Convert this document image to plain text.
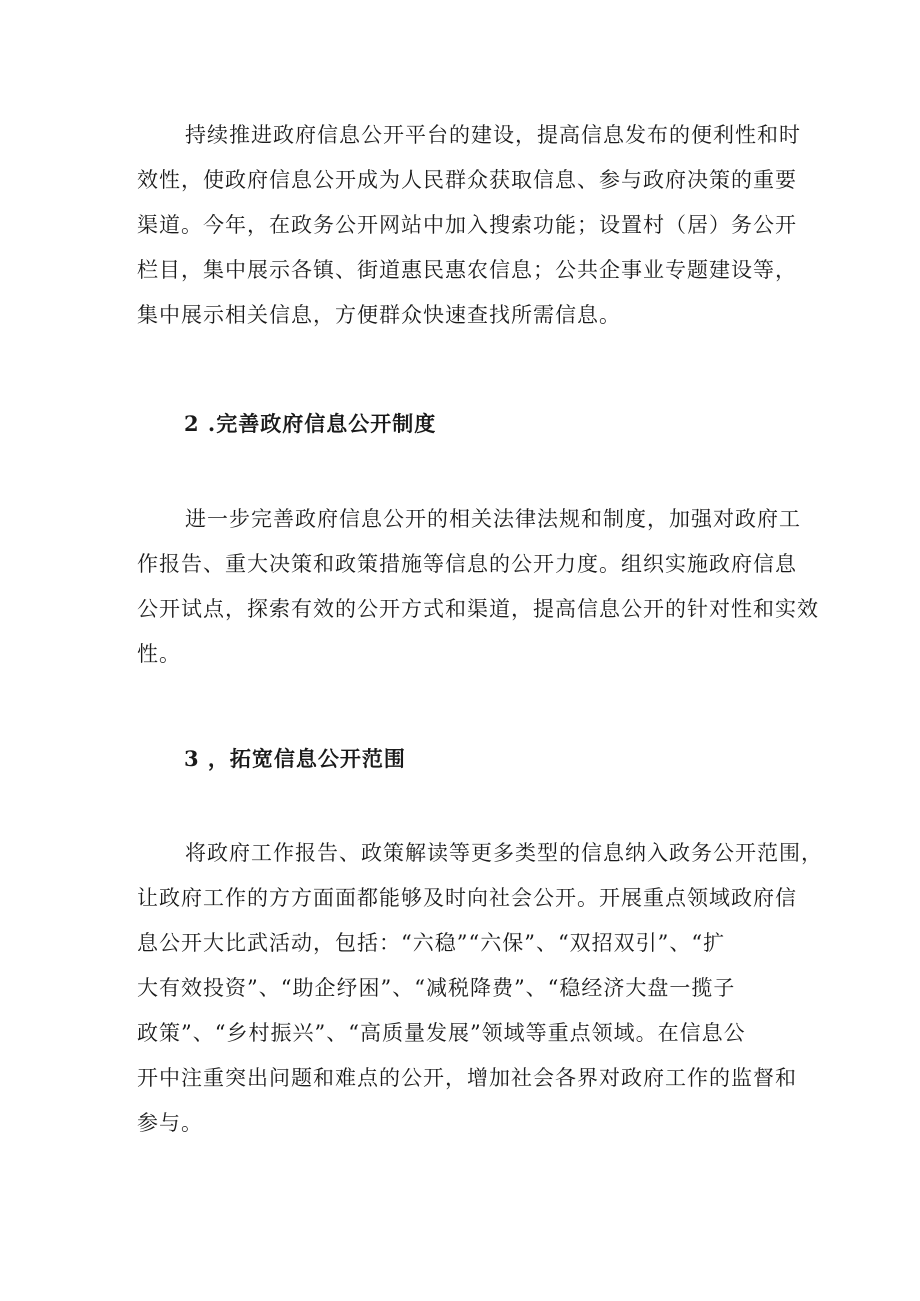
持续推进政府信息公开平台的建设，提高信息发布的便利性和时
效性，使政府信息公开成为人民群众获取信息、参与政府决策的重要
渠道。今年，在政务公开网站中加入搜索功能；设置村（居）务公开
栏目，集中展示各镇、街道惠民惠农信息；公共企事业专题建设等，
集中展示相关信息，方便群众快速查找所需信息。

2 .完善政府信息公开制度

进一步完善政府信息公开的相关法律法规和制度，加强对政府工
作报告、重大决策和政策措施等信息的公开力度。组织实施政府信息
公开试点，探索有效的公开方式和渠道，提高信息公开的针对性和实效
性。

3 ，拓宽信息公开范围

将政府工作报告、政策解读等更多类型的信息纳入政务公开范围，
让政府工作的方方面面都能够及时向社会公开。开展重点领域政府信
息公开大比武活动，包括：“六稳”“六保”、“双招双引”、“扩
大有效投资”、“助企纾困”、“减税降费”、“稳经济大盘一揽子
政策”、“乡村振兴”、“高质量发展”领域等重点领域。在信息公
开中注重突出问题和难点的公开，增加社会各界对政府工作的监督和
参与。
